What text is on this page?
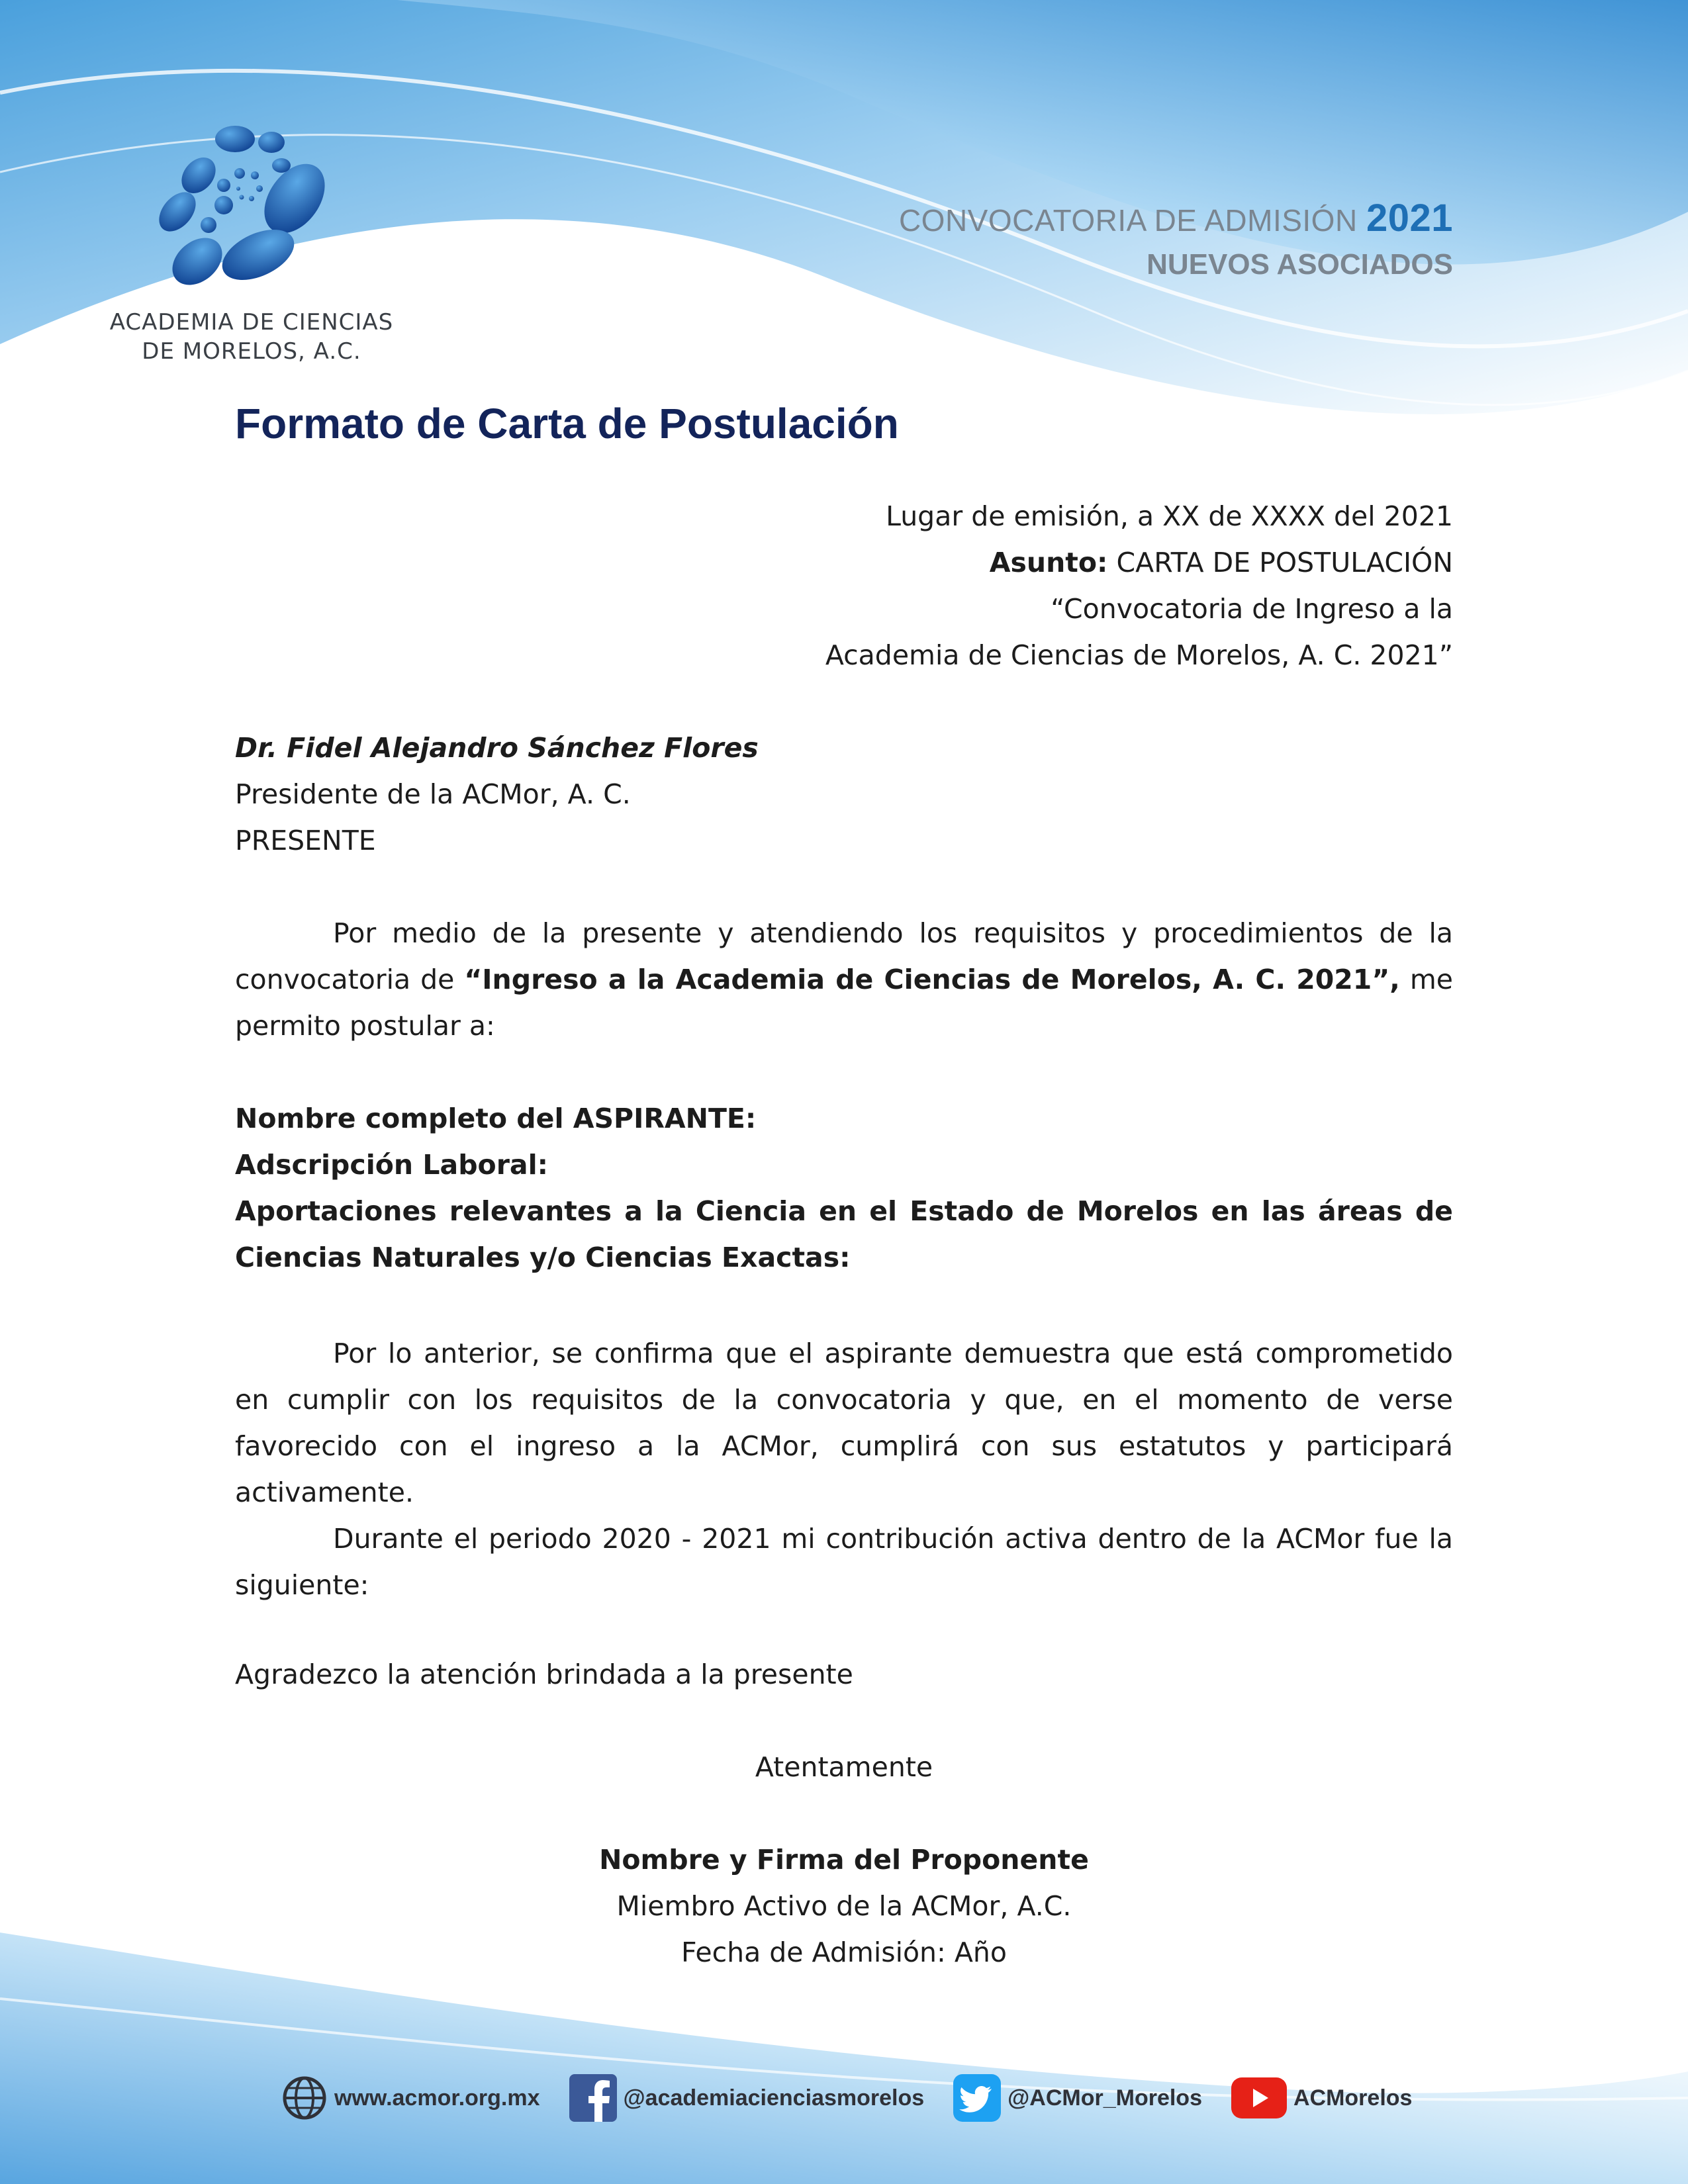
ACADEMIA DE CIENCIAS
DE MORELOS, A.C.
CONVOCATORIA DE ADMISIÓN 2021
NUEVOS ASOCIADOS
Formato de Carta de Postulación
Lugar de emisión, a XX de XXXX del 2021
Asunto: CARTA DE POSTULACIÓN
“Convocatoria de Ingreso a la
Academia de Ciencias de Morelos, A. C. 2021”
Dr. Fidel Alejandro Sánchez Flores
Presidente de la ACMor, A. C.
PRESENTE
Por medio de la presente y atendiendo los requisitos y procedimientos de la convocatoria de “Ingreso a la Academia de Ciencias de Morelos, A. C. 2021”, me permito postular a:
Nombre completo del ASPIRANTE:
Adscripción Laboral:
Aportaciones relevantes a la Ciencia en el Estado de Morelos en las áreas de Ciencias Naturales y/o Ciencias Exactas:
Por lo anterior, se confirma que el aspirante demuestra que está comprometido en cumplir con los requisitos de la convocatoria y que, en el momento de verse favorecido con el ingreso a la ACMor, cumplirá con sus estatutos y participará activamente.
Durante el periodo 2020 - 2021 mi contribución activa dentro de la ACMor fue la siguiente:
Agradezco la atención brindada a la presente
Atentamente
Nombre y Firma del Proponente
Miembro Activo de la ACMor, A.C.
Fecha de Admisión: Año
www.acmor.org.mx	@academiacienciasmorelos	@ACMor_Morelos	ACMorelos
